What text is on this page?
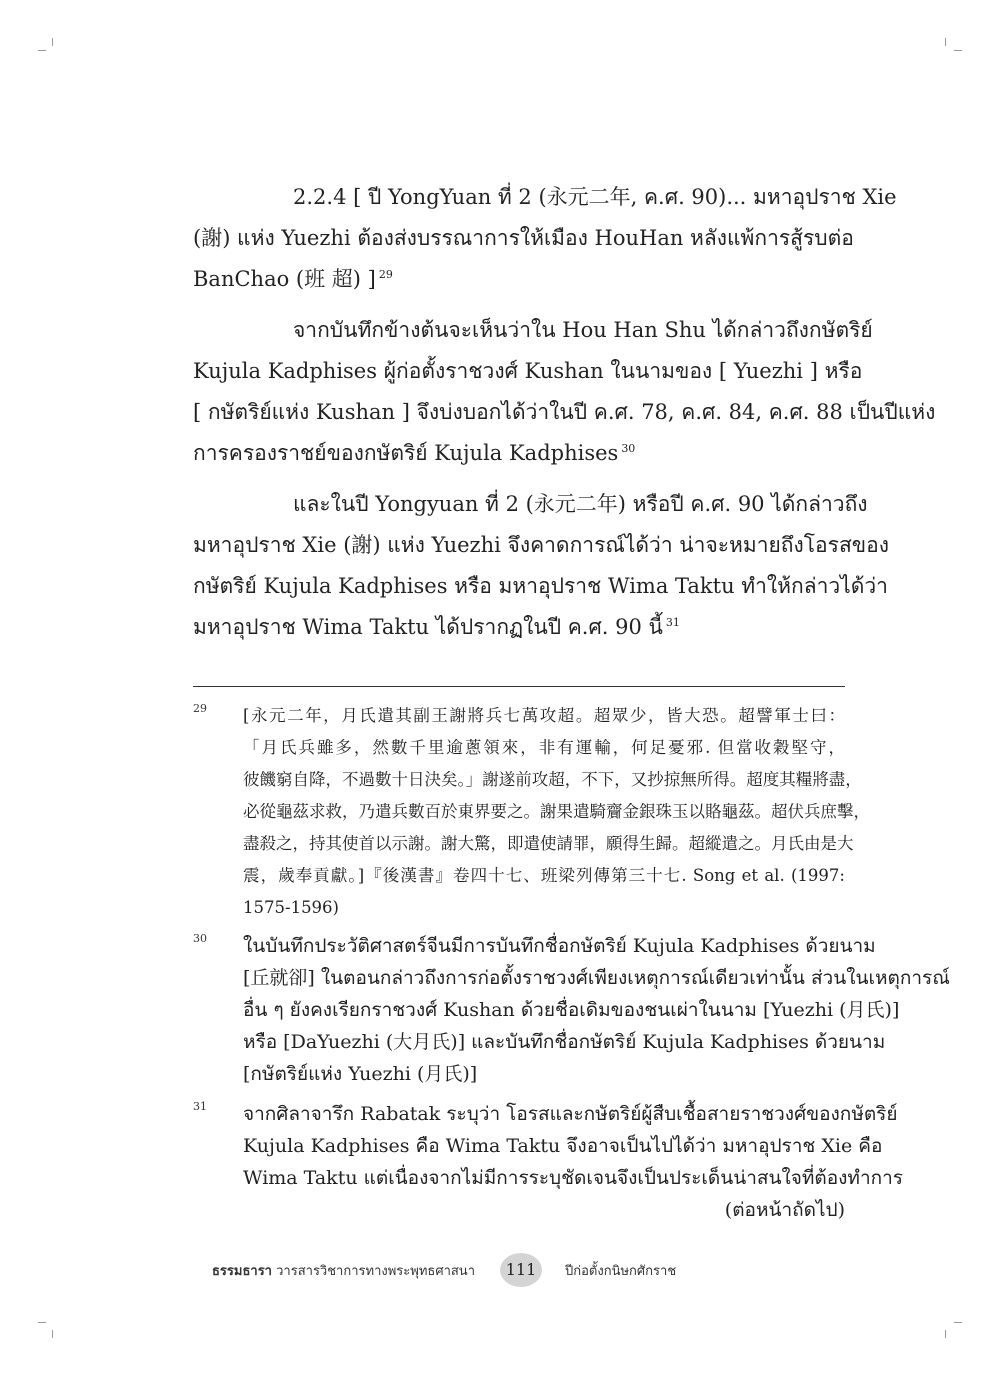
2.2.4 [ ปี YongYuan ที่ 2 (永元二年, ค.ศ. 90)... มหาอุปราช Xie
(謝) แห่ง Yuezhi ต้องส่งบรรณาการให้เมือง HouHan หลังแพ้การสู้รบต่อ
BanChao (班 超) ] $^{29}$
จากบันทึกข้างต้นจะเห็นว่าใน Hou Han Shu ได้กล่าวถึงกษัตริย์
Kujula Kadphises ผู้ก่อตั้งราชวงศ์ Kushan ในนามของ [ Yuezhi ] หรือ
[ กษัตริย์แห่ง Kushan ] จึงบ่งบอกได้ว่าในปี ค.ศ. 78, ค.ศ. 84, ค.ศ. 88 เป็นปีแห่ง
การครองราชย์ของกษัตริย์ Kujula Kadphises $^{30}$
และในปี Yongyuan ที่ 2 (永元二年) หรือปี ค.ศ. 90 ได้กล่าวถึง
มหาอุปราช Xie (謝) แห่ง Yuezhi จึงคาดการณ์ได้ว่า น่าจะหมายถึงโอรสของ
กษัตริย์ Kujula Kadphises หรือ มหาอุปราช Wima Taktu ทำให้กล่าวได้ว่า
มหาอุปราช Wima Taktu ได้ปรากฏในปี ค.ศ. 90 นี้ $^{31}$
29 [永元二年，月氏遣其副王謝將兵七萬攻超。超眾少，皆大恐。超譬軍士曰：
「月氏兵雖多，然數千里逾蔥領來，非有運輸，何足憂邪. 但當收穀堅守，
彼饑窮自降，不過數十日決矣。」謝遂前攻超，不下，又抄掠無所得。超度其糧將盡，
必從龜茲求救，乃遣兵數百於東界要之。謝果遣騎齎金銀珠玉以賂龜茲。超伏兵庶擊，
盡殺之，持其使首以示謝。謝大驚，即遣使請罪，願得生歸。超縱遣之。月氏由是大
震，歲奉貢獻。]『後漢書』卷四十七、班梁列傳第三十七. Song et al. (1997:
1575-1596)
30 ในบันทึกประวัติศาสตร์จีนมีการบันทึกชื่อกษัตริย์ Kujula Kadphises ด้วยนาม
[丘就卻] ในตอนกล่าวถึงการก่อตั้งราชวงศ์เพียงเหตุการณ์เดียวเท่านั้น ส่วนในเหตุการณ์
อื่น ๆ ยังคงเรียกราชวงศ์ Kushan ด้วยชื่อเดิมของชนเผ่าในนาม [Yuezhi (月氏)]
หรือ [DaYuezhi (大月氏)] และบันทึกชื่อกษัตริย์ Kujula Kadphises ด้วยนาม
[กษัตริย์แห่ง Yuezhi (月氏)]
31 จากศิลาจารึก Rabatak ระบุว่า โอรสและกษัตริย์ผู้สืบเชื้อสายราชวงศ์ของกษัตริย์
Kujula Kadphises คือ Wima Taktu จึงอาจเป็นไปได้ว่า มหาอุปราช Xie คือ
Wima Taktu แต่เนื่องจากไม่มีการระบุชัดเจนจึงเป็นประเด็นน่าสนใจที่ต้องทำการ
(ต่อหน้าถัดไป)
ธรรมธารา วารสารวิชาการทางพระพุทธศาสนา	111	ปีก่อตั้งกนิษกศักราช
